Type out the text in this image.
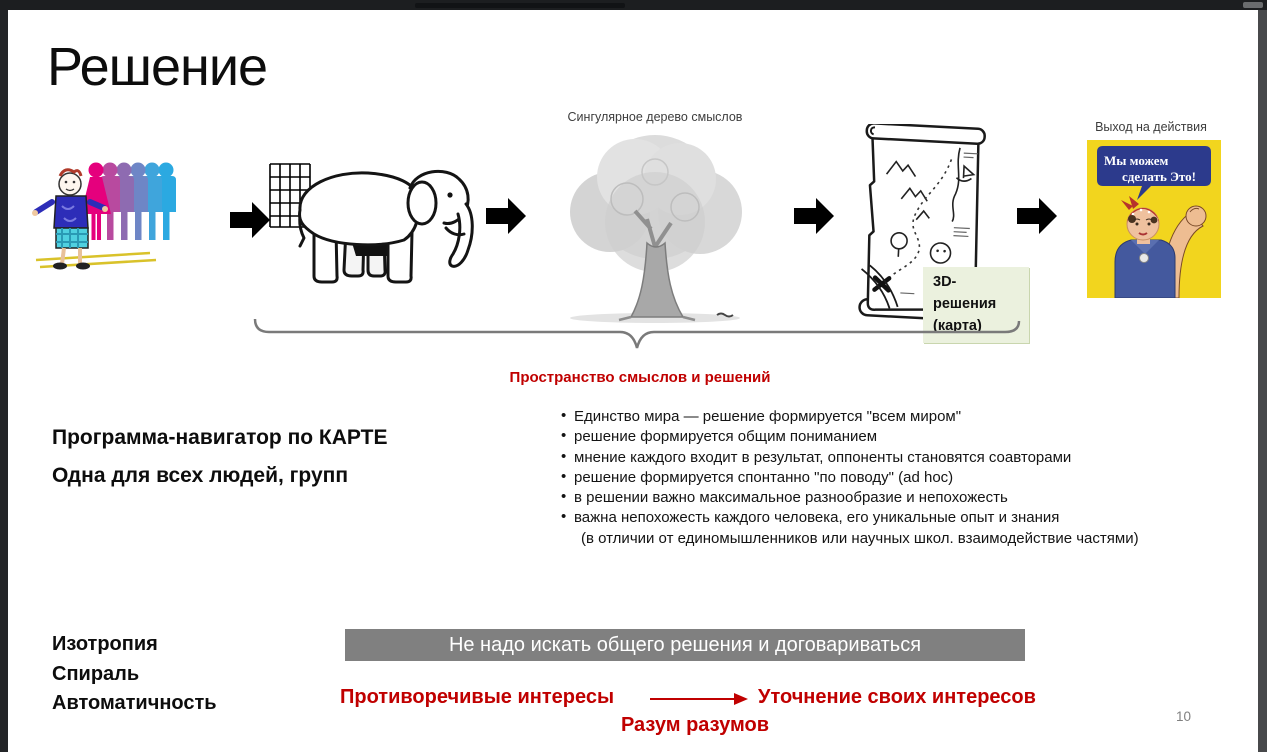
Решение
Сингулярное дерево смыслов
3D-решения
(карта)
Выход на действия
Мы можем
сделать Это!
Пространство смыслов и решений
Программа-навигатор по КАРТЕ
Одна для всех людей, групп
• Единство мира — решение формируется "всем миром"
• решение формируется общим пониманием
• мнение каждого входит в результат, оппоненты становятся соавторами
• решение формируется спонтанно "по поводу" (ad hoc)
• в решении важно максимальное разнообразие и непохожесть
• важна непохожесть каждого человека, его уникальные опыт и знания
(в отличии от единомышленников или научных школ. взаимодействие частями)
Изотропия
Спираль
Автоматичность
Не надо искать общего решения и договариваться
Противоречивые интересы	Уточнение своих интересов
Разум разумов	10
